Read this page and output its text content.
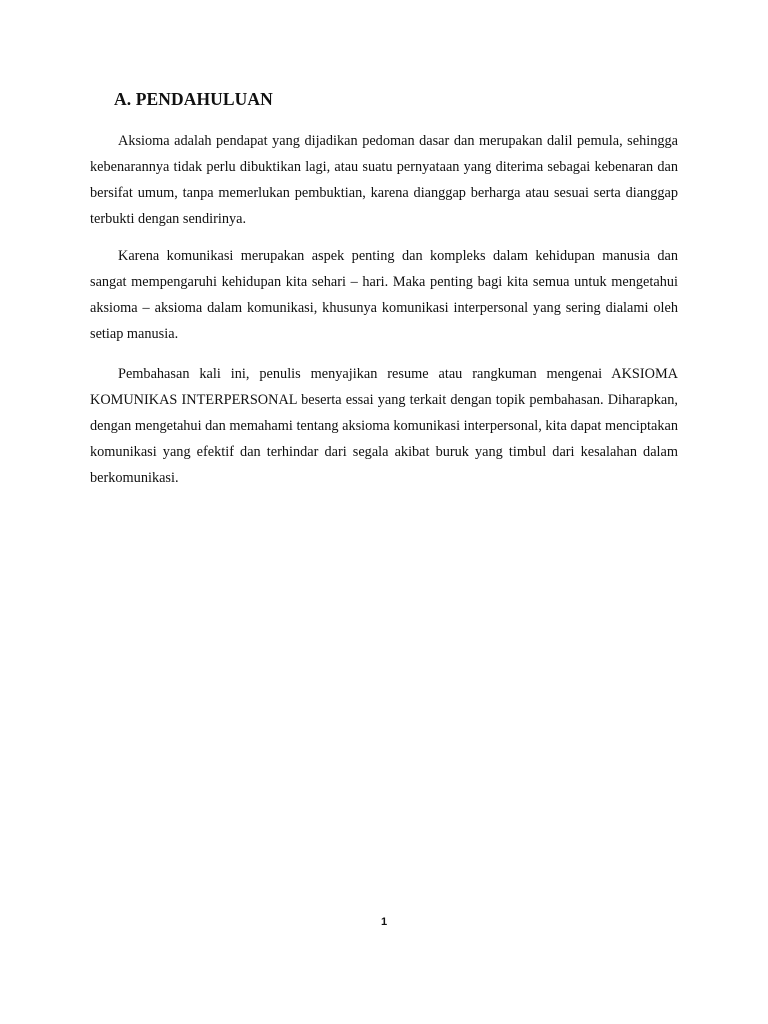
A. PENDAHULUAN

Aksioma adalah pendapat yang dijadikan pedoman dasar dan merupakan dalil pemula, sehingga kebenarannya tidak perlu dibuktikan lagi, atau suatu pernyataan yang diterima sebagai kebenaran dan bersifat umum, tanpa memerlukan pembuktian, karena dianggap berharga atau sesuai serta dianggap terbukti dengan sendirinya.

Karena komunikasi merupakan aspek penting dan kompleks dalam kehidupan manusia dan sangat mempengaruhi kehidupan kita sehari – hari. Maka penting bagi kita semua untuk mengetahui aksioma – aksioma dalam komunikasi, khusunya komunikasi interpersonal yang sering dialami oleh setiap manusia.

Pembahasan kali ini, penulis menyajikan resume atau rangkuman mengenai AKSIOMA KOMUNIKAS INTERPERSONAL beserta essai yang terkait dengan topik pembahasan. Diharapkan, dengan mengetahui dan memahami tentang aksioma komunikasi interpersonal, kita dapat menciptakan komunikasi yang efektif dan terhindar dari segala akibat buruk yang timbul dari kesalahan dalam berkomunikasi.

1
